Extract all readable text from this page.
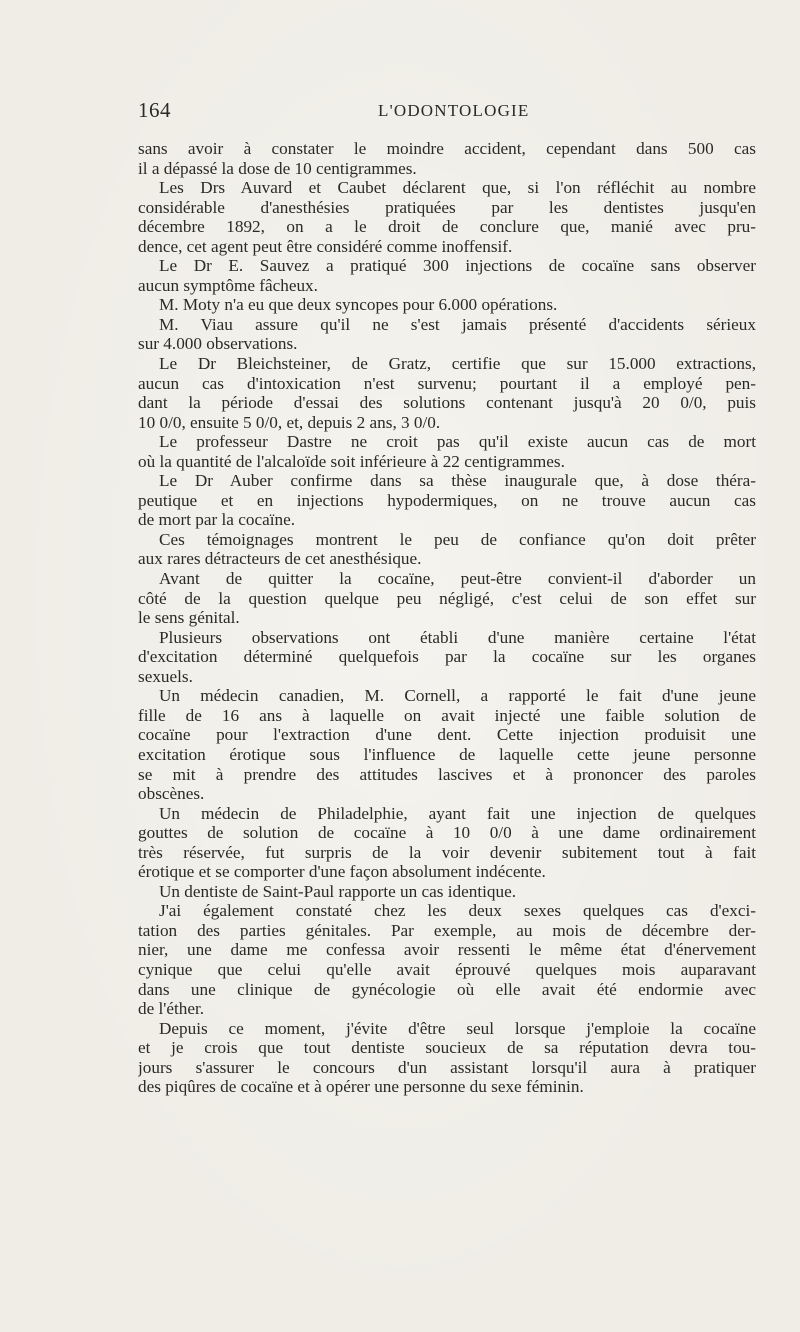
164	L'ODONTOLOGIE
sans avoir à constater le moindre accident, cependant dans 500 cas
il a dépassé la dose de 10 centigrammes.
Les Drs Auvard et Caubet déclarent que, si l'on réfléchit au nombre
considérable d'anesthésies pratiquées par les dentistes jusqu'en
décembre 1892, on a le droit de conclure que, manié avec pru-
dence, cet agent peut être considéré comme inoffensif.
Le Dr E. Sauvez a pratiqué 300 injections de cocaïne sans observer
aucun symptôme fâcheux.
M. Moty n'a eu que deux syncopes pour 6.000 opérations.
M. Viau assure qu'il ne s'est jamais présenté d'accidents sérieux
sur 4.000 observations.
Le Dr Bleichsteiner, de Gratz, certifie que sur 15.000 extractions,
aucun cas d'intoxication n'est survenu; pourtant il a employé pen-
dant la période d'essai des solutions contenant jusqu'à 20 0/0, puis
10 0/0, ensuite 5 0/0, et, depuis 2 ans, 3 0/0.
Le professeur Dastre ne croit pas qu'il existe aucun cas de mort
où la quantité de l'alcaloïde soit inférieure à 22 centigrammes.
Le Dr Auber confirme dans sa thèse inaugurale que, à dose théra-
peutique et en injections hypodermiques, on ne trouve aucun cas
de mort par la cocaïne.
Ces témoignages montrent le peu de confiance qu'on doit prêter
aux rares détracteurs de cet anesthésique.
Avant de quitter la cocaïne, peut-être convient-il d'aborder un
côté de la question quelque peu négligé, c'est celui de son effet sur
le sens génital.
Plusieurs observations ont établi d'une manière certaine l'état
d'excitation déterminé quelquefois par la cocaïne sur les organes
sexuels.
Un médecin canadien, M. Cornell, a rapporté le fait d'une jeune
fille de 16 ans à laquelle on avait injecté une faible solution de
cocaïne pour l'extraction d'une dent. Cette injection produisit une
excitation érotique sous l'influence de laquelle cette jeune personne
se mit à prendre des attitudes lascives et à prononcer des paroles
obscènes.
Un médecin de Philadelphie, ayant fait une injection de quelques
gouttes de solution de cocaïne à 10 0/0 à une dame ordinairement
très réservée, fut surpris de la voir devenir subitement tout à fait
érotique et se comporter d'une façon absolument indécente.
Un dentiste de Saint-Paul rapporte un cas identique.
J'ai également constaté chez les deux sexes quelques cas d'exci-
tation des parties génitales. Par exemple, au mois de décembre der-
nier, une dame me confessa avoir ressenti le même état d'énervement
cynique que celui qu'elle avait éprouvé quelques mois auparavant
dans une clinique de gynécologie où elle avait été endormie avec
de l'éther.
Depuis ce moment, j'évite d'être seul lorsque j'emploie la cocaïne
et je crois que tout dentiste soucieux de sa réputation devra tou-
jours s'assurer le concours d'un assistant lorsqu'il aura à pratiquer
des piqûres de cocaïne et à opérer une personne du sexe féminin.
